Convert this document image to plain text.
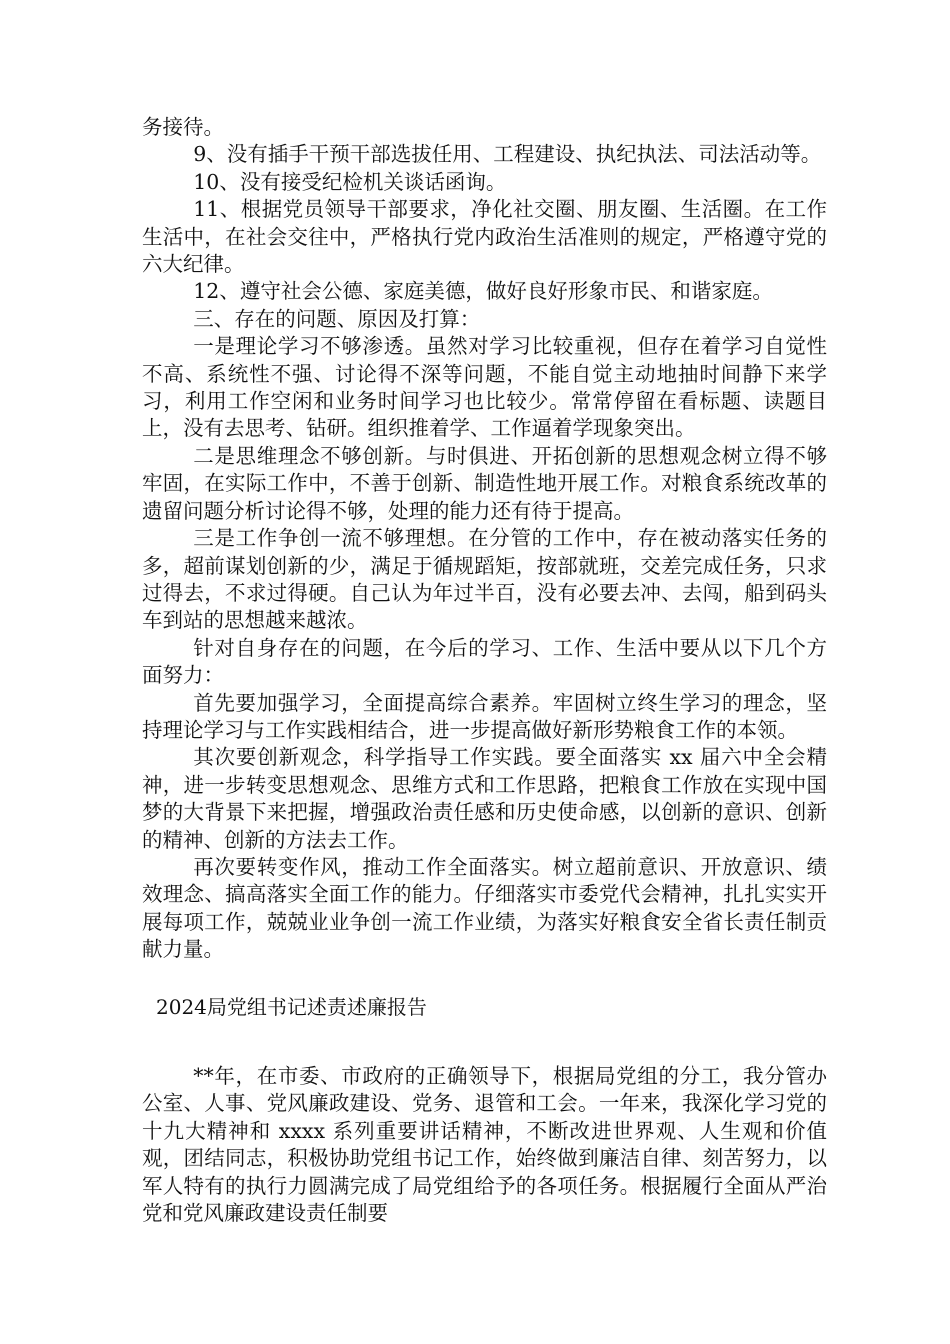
务接待。

9、没有插手干预干部选拔任用、工程建设、执纪执法、司法活动等。

10、没有接受纪检机关谈话函询。

11、根据党员领导干部要求，净化社交圈、朋友圈、生活圈。在工作生活中，在社会交往中，严格执行党内政治生活准则的规定，严格遵守党的六大纪律。

12、遵守社会公德、家庭美德，做好良好形象市民、和谐家庭。

三、存在的问题、原因及打算：

一是理论学习不够渗透。虽然对学习比较重视，但存在着学习自觉性不高、系统性不强、讨论得不深等问题，不能自觉主动地抽时间静下来学习，利用工作空闲和业务时间学习也比较少。常常停留在看标题、读题目上，没有去思考、钻研。组织推着学、工作逼着学现象突出。

二是思维理念不够创新。与时俱进、开拓创新的思想观念树立得不够牢固，在实际工作中，不善于创新、制造性地开展工作。对粮食系统改革的遗留问题分析讨论得不够，处理的能力还有待于提高。

三是工作争创一流不够理想。在分管的工作中，存在被动落实任务的多，超前谋划创新的少，满足于循规蹈矩，按部就班，交差完成任务，只求过得去，不求过得硬。自己认为年过半百，没有必要去冲、去闯，船到码头车到站的思想越来越浓。

针对自身存在的问题，在今后的学习、工作、生活中要从以下几个方面努力：

首先要加强学习，全面提高综合素养。牢固树立终生学习的理念，坚持理论学习与工作实践相结合，进一步提高做好新形势粮食工作的本领。

其次要创新观念，科学指导工作实践。要全面落实 xx 届六中全会精神，进一步转变思想观念、思维方式和工作思路，把粮食工作放在实现中国梦的大背景下来把握，增强政治责任感和历史使命感，以创新的意识、创新的精神、创新的方法去工作。

再次要转变作风，推动工作全面落实。树立超前意识、开放意识、绩效理念、搞高落实全面工作的能力。仔细落实市委党代会精神，扎扎实实开展每项工作，兢兢业业争创一流工作业绩，为落实好粮食安全省长责任制贡献力量。

2024局党组书记述责述廉报告

**年，在市委、市政府的正确领导下，根据局党组的分工，我分管办公室、人事、党风廉政建设、党务、退管和工会。一年来，我深化学习党的十九大精神和 xxxx 系列重要讲话精神，不断改进世界观、人生观和价值观，团结同志，积极协助党组书记工作，始终做到廉洁自律、刻苦努力，以军人特有的执行力圆满完成了局党组给予的各项任务。根据履行全面从严治党和党风廉政建设责任制要
